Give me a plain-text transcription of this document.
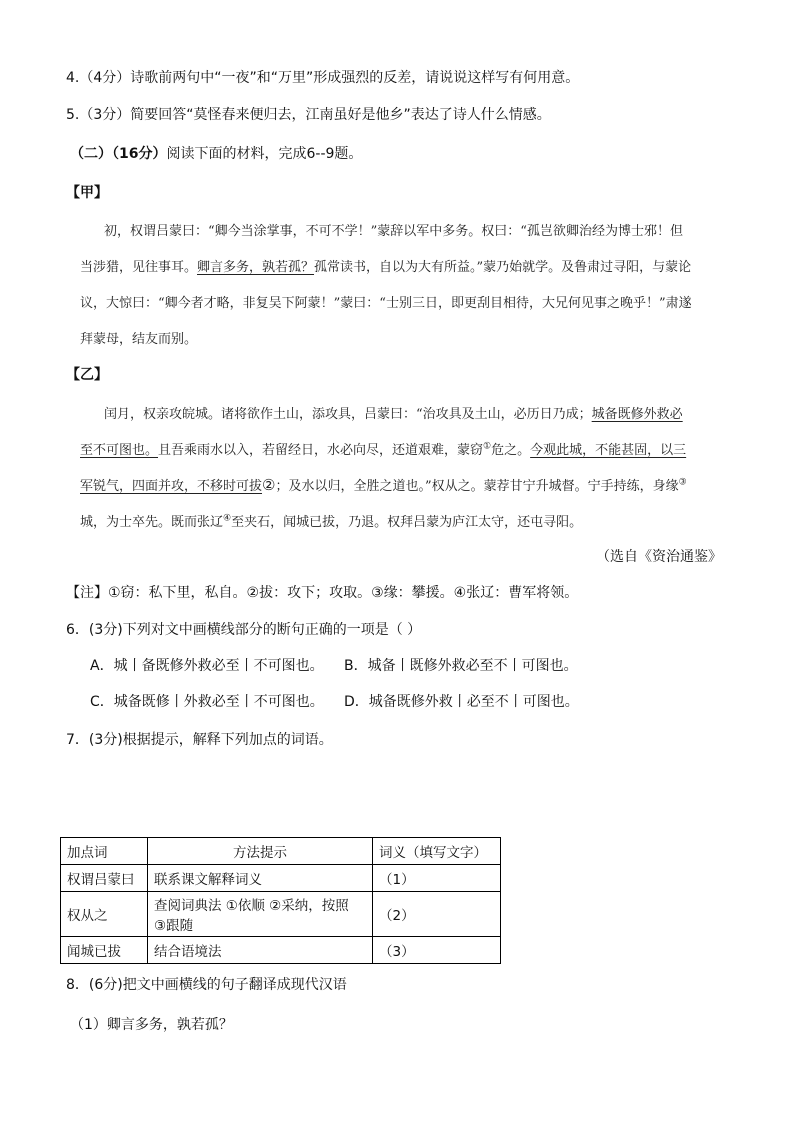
4.（4分）诗歌前两句中“一夜”和“万里”形成强烈的反差，请说说这样写有何用意。
5.（3分）简要回答“莫怪春来便归去，江南虽好是他乡”表达了诗人什么情感。
（二）（16分）阅读下面的材料，完成6--9题。
【甲】
初，权谓吕蒙曰：“卿今当涂掌事，不可不学！”蒙辞以军中多务。权曰：“孤岂欲卿治经为博士邪！但
当涉猎，见往事耳。卿言多务，孰若孤？孤常读书，自以为大有所益。”蒙乃始就学。及鲁肃过寻阳，与蒙论
议，大惊曰：“卿今者才略，非复吴下阿蒙！”蒙曰：“士别三日，即更刮目相待，大兄何见事之晚乎！”肃遂
拜蒙母，结友而别。
【乙】
闰月，权亲攻皖城。诸将欲作土山，添攻具，吕蒙曰：“治攻具及土山，必历日乃成；城备既修外救必
至不可图也。且吾乘雨水以入，若留经日，水必向尽，还道艰难，蒙窃①危之。今观此城，不能甚固，以三
军锐气，四面并攻，不移时可拔②；及水以归，全胜之道也。”权从之。蒙荐甘宁升城督。宁手持练，身缘③
城，为士卒先。既而张辽④至夹石，闻城已拔，乃退。权拜吕蒙为庐江太守，还屯寻阳。
（选自《资治通鉴》
【注】①窃：私下里，私自。②拔：攻下；攻取。③缘：攀援。④张辽：曹军将领。
6．(3分)下列对文中画横线部分的断句正确的一项是（ ）
A．城丨备既修外救必至丨不可图也。 B．城备丨既修外救必至不丨可图也。
C．城备既修丨外救必至丨不可图也。 D．城备既修外救丨必至不丨可图也。
7．(3分)根据提示，解释下列加点的词语。
加点词	方法提示	词义（填写文字）
权谓吕蒙曰	联系课文解释词义	（1）
权从之	查阅词典法 ①依顺 ②采纳，按照
③跟随	（2）
闻城已拔	结合语境法	（3）
8．(6分)把文中画横线的句子翻译成现代汉语
（1）卿言多务，孰若孤？
